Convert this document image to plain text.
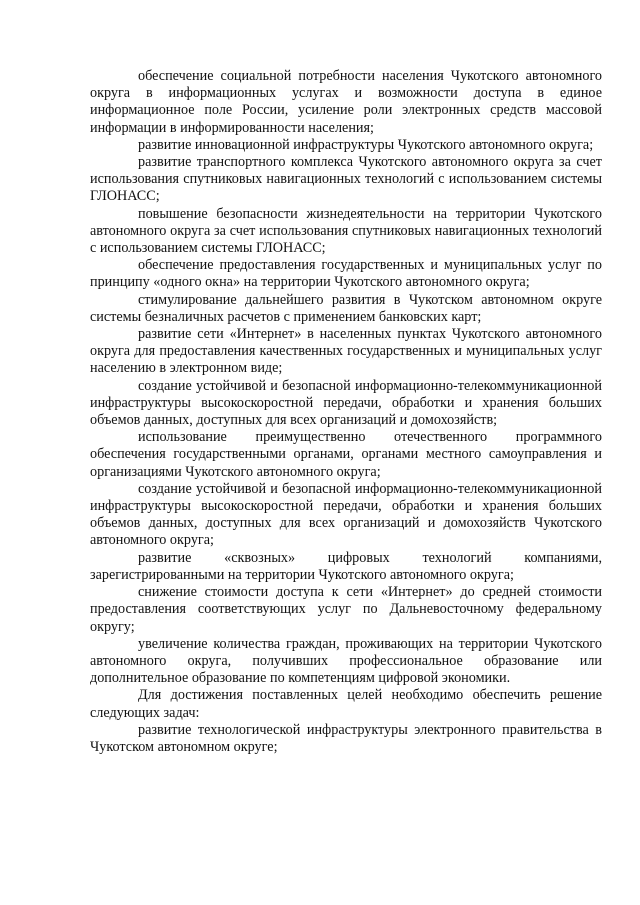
обеспечение социальной потребности населения Чукотского автономного округа в информационных услугах и возможности доступа в единое информационное поле России, усиление роли электронных средств массовой информации в информированности населения;

развитие инновационной инфраструктуры Чукотского автономного округа;

развитие транспортного комплекса Чукотского автономного округа за счет использования спутниковых навигационных технологий с использованием системы ГЛОНАСС;

повышение безопасности жизнедеятельности на территории Чукотского автономного округа за счет использования спутниковых навигационных технологий с использованием системы ГЛОНАСС;

обеспечение предоставления государственных и муниципальных услуг по принципу «одного окна» на территории Чукотского автономного округа;

стимулирование дальнейшего развития в Чукотском автономном округе системы безналичных расчетов с применением банковских карт;

развитие сети «Интернет» в населенных пунктах Чукотского автономного округа для предоставления качественных государственных и муниципальных услуг населению в электронном виде;

создание устойчивой и безопасной информационно-телекоммуникационной инфраструктуры высокоскоростной передачи, обработки и хранения больших объемов данных, доступных для всех организаций и домохозяйств;

использование преимущественно отечественного программного обеспечения государственными органами, органами местного самоуправления и организациями Чукотского автономного округа;

создание устойчивой и безопасной информационно-телекоммуникационной инфраструктуры высокоскоростной передачи, обработки и хранения больших объемов данных, доступных для всех организаций и домохозяйств Чукотского автономного округа;

развитие «сквозных» цифровых технологий компаниями, зарегистрированными на территории Чукотского автономного округа;

снижение стоимости доступа к сети «Интернет» до средней стоимости предоставления соответствующих услуг по Дальневосточному федеральному округу;

увеличение количества граждан, проживающих на территории Чукотского автономного округа, получивших профессиональное образование или дополнительное образование по компетенциям цифровой экономики.

Для достижения поставленных целей необходимо обеспечить решение следующих задач:

развитие технологической инфраструктуры электронного правительства в Чукотском автономном округе;
